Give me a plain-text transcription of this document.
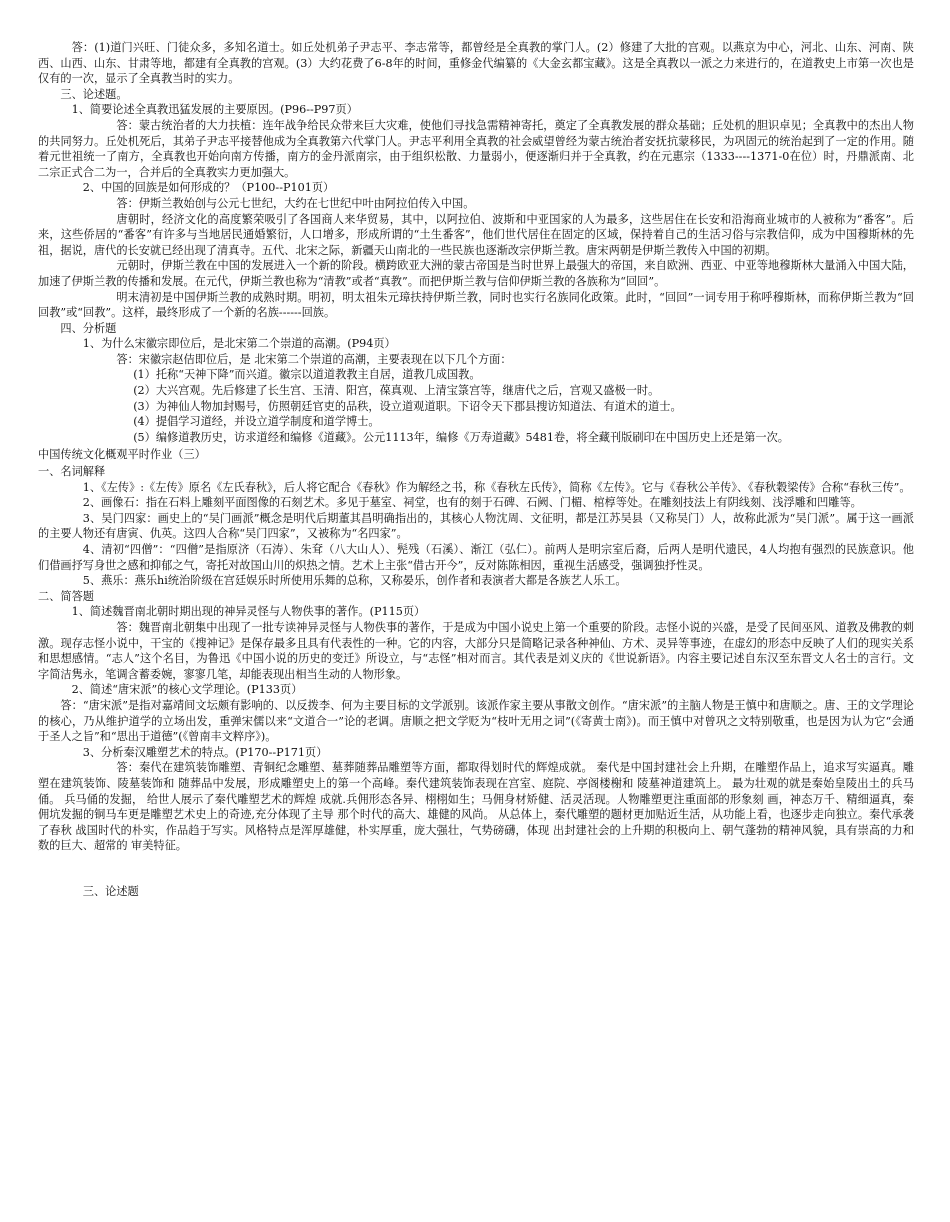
答：(1)道门兴旺、门徒众多，多知名道士。如丘处机弟子尹志平、李志常等，都曾经是全真教的掌门人。(2）修建了大批的宫观。以燕京为中心，河北、山东、河南、陕西、山西、山东、甘肃等地，都建有全真教的宫观。(3）大约花费了6-8年的时间，重修金代编纂的《大金玄都宝藏》。这是全真教以一派之力来进行的，在道教史上市第一次也是仅有的一次，显示了全真教当时的实力。

三、论述题。

1、简要论述全真教迅猛发展的主要原因。(P96--P97页）

答：蒙古统治者的大力扶植：连年战争给民众带来巨大灾难，使他们寻找急需精神寄托，奠定了全真教发展的群众基础；丘处机的胆识卓见；全真教中的杰出人物的共同努力。丘处机死后，其弟子尹志平接替他成为全真教第六代掌门人。尹志平利用全真教的社会威望曾经为蒙古统治者安抚抗蒙移民，为巩固元的统治起到了一定的作用。随着元世祖统一了南方，全真教也开始向南方传播，南方的金丹派南宗，由于组织松散、力量弱小，便逐渐归并于全真教，约在元惠宗（1333----1371-0在位）时，丹鼎派南、北二宗正式合二为一，合并后的全真教实力更加强大。

2、中国的回族是如何形成的？（P100--P101页）

答：伊斯兰教始创与公元七世纪，大约在七世纪中叶由阿拉伯传入中国。

唐朝时，经济文化的高度繁荣吸引了各国商人来华贸易，其中，以阿拉伯、波斯和中亚国家的人为最多，这些居住在长安和沿海商业城市的人被称为“番客”。后来，这些侨居的“番客”有许多与当地居民通婚繁衍，人口增多，形成所谓的“土生番客”，他们世代居住在固定的区域，保持着自己的生活习俗与宗教信仰，成为中国穆斯林的先祖，据说，唐代的长安就已经出现了清真寺。五代、北宋之际，新疆天山南北的一些民族也逐渐改宗伊斯兰教。唐宋两朝是伊斯兰教传入中国的初期。

元朝时，伊斯兰教在中国的发展进入一个新的阶段。横跨欧亚大洲的蒙古帝国是当时世界上最强大的帝国，来自欧洲、西亚、中亚等地穆斯林大量涌入中国大陆，加速了伊斯兰教的传播和发展。在元代，伊斯兰教也称为“清教”或者“真教”。而把伊斯兰教与信仰伊斯兰教的各族称为“回回”。

明末清初是中国伊斯兰教的成熟时期。明初，明太祖朱元璋扶持伊斯兰教，同时也实行名族同化政策。此时，“回回”一词专用于称呼穆斯林，而称伊斯兰教为“回回教”或“回教”。这样，最终形成了一个新的名族------回族。

四、分析题

1、为什么宋徽宗即位后，是北宋第二个崇道的高潮。(P94页）

答：宋徽宗赵佶即位后，是 北宋第二个崇道的高潮，主要表现在以下几个方面：

(1）托称“天神下降”而兴道。徽宗以道道教教主自居，道教几成国教。

(2）大兴宫观。先后修建了长生宫、玉清、阳宫，葆真观、上清宝箓宫等，继唐代之后，宫观又盛极一时。

(3）为神仙人物加封赐号，仿照朝廷官吏的品秩，设立道观道职。下诏令天下郡县搜访知道法、有道术的道士。

(4）提倡学习道经，并设立道学制度和道学博士。

(5）编修道教历史，访求道经和编修《道藏》。公元1113年，编修《万寿道藏》5481卷，将全藏刊版刷印在中国历史上还是第一次。

中国传统文化概观平时作业（三）

一、名词解释

1、《左传》:《左传》原名《左氏春秋》，后人将它配合《春秋》作为解经之书，称《春秋左氏传》，简称《左传》。它与《春秋公羊传》、《春秋穀梁传》合称“春秋三传”。

2、画像石：指在石料上雕刻平面图像的石刻艺术。多见于墓室、祠堂，也有的刻于石碑、石阙、门楣、棺椁等处。在雕刻技法上有阴线刻、浅浮雕和凹雕等。

3、吴门四家：画史上的“吴门画派”概念是明代后期董其昌明确指出的，其核心人物沈周、文征明，都是江苏吴县（又称吴门）人，故称此派为“吴门派”。属于这一画派的主要人物还有唐寅、仇英。这四人合称“吴门四家”，又被称为“名四家”。

4、清初“四僧”：“四僧”是指原济（石涛）、朱耷（八大山人）、髡残（石溪）、渐江（弘仁）。前两人是明宗室后裔，后两人是明代遗民，4人均抱有强烈的民族意识。他们借画抒写身世之感和抑郁之气，寄托对故国山川的炽热之情。艺术上主张“借古开今”，反对陈陈相因，重视生活感受，强调独抒性灵。

5、燕乐：燕乐hi统治阶级在宫廷娱乐时所使用乐舞的总称，又称晏乐，创作者和表演者大都是各族艺人乐工。

二、简答题

1、简述魏晋南北朝时期出现的神异灵怪与人物佚事的著作。(P115页）

答：魏晋南北朝集中出现了一批专读神异灵怪与人物佚事的著作，于是成为中国小说史上第一个重要的阶段。志怪小说的兴盛，是受了民间巫风、道教及佛教的刺激。现存志怪小说中，干宝的《搜神记》是保存最多且具有代表性的一种。它的内容，大部分只是简略记录各种神仙、方术、灵异等事迹，在虚幻的形态中反映了人们的现实关系和思想感情。“志人”这个名目，为鲁迅《中国小说的历史的变迁》所设立，与“志怪”相对而言。其代表是刘义庆的《世说新语》。内容主要记述自东汉至东晋文人名士的言行。文字简洁隽永，笔调含蓄委婉，寥寥几笔，却能表现出相当生动的人物形象。

2、简述“唐宋派”的核心文学理论。(P133页）

答：“唐宋派”是指对嘉靖间文坛颇有影响的、以反拨李、何为主要目标的文学派别。该派作家主要从事散文创作。“唐宋派”的主脑人物是王慎中和唐顺之。唐、王的文学理论的核心，乃从维护道学的立场出发，重弹宋儒以来“文道合一”论的老调。唐顺之把文学贬为“枝叶无用之词”(《寄黄士南》)。而王慎中对曾巩之文特别敬重，也是因为认为它“会通于圣人之旨”和“思出于道德”(《曾南丰文粹序》)。

3、分析秦汉雕塑艺术的特点。(P170--P171页）

答：秦代在建筑装饰雕塑、青铜纪念雕塑、墓葬随葬品雕塑等方面，都取得划时代的辉煌成就。 秦代是中国封建社会上升期，在雕塑作品上，追求写实逼真。雕塑在建筑装饰、陵墓装饰和 随葬品中发展，形成雕塑史上的第一个高峰。秦代建筑装饰表现在宫室、庭院、亭阁楼榭和 陵墓神道建筑上。 最为壮观的就是秦始皇陵出土的兵马俑。 兵马俑的发掘， 给世人展示了秦代雕塑艺术的辉煌 成就.兵佣形态各异、栩栩如生；马佣身材矫健、活灵活现。人物雕塑更注重面部的形象刻 画，神态万千、精细逼真，秦佣坑发掘的铜马车更是雕塑艺术史上的奇迹,充分体现了主导 那个时代的高大、雄健的风尚。 从总体上，秦代雕塑的题材更加贴近生活，从功能上看，也逐步走向独立。秦代承袭了春秋 战国时代的朴实，作品趋于写实。风格特点是浑厚雄健，朴实厚重，庞大强壮，气势磅礴，体现 出封建社会的上升期的积极向上、朝气蓬勃的精神风貌，具有崇高的力和数的巨大、超常的 审美特征。

三、论述题
